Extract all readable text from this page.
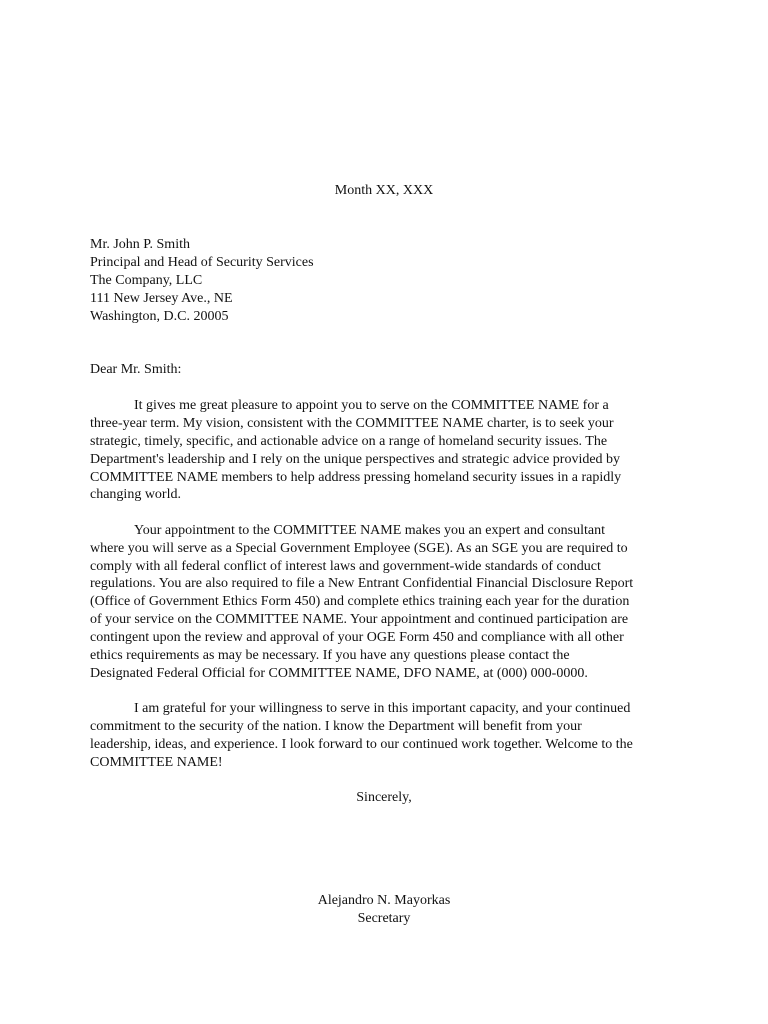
Month XX, XXX
Mr. John P. Smith
Principal and Head of Security Services
The Company, LLC
111 New Jersey Ave., NE
Washington, D.C. 20005
Dear Mr. Smith:
It gives me great pleasure to appoint you to serve on the COMMITTEE NAME for a
three-year term. My vision, consistent with the COMMITTEE NAME charter, is to seek your
strategic, timely, specific, and actionable advice on a range of homeland security issues. The
Department's leadership and I rely on the unique perspectives and strategic advice provided by
COMMITTEE NAME members to help address pressing homeland security issues in a rapidly
changing world.
Your appointment to the COMMITTEE NAME makes you an expert and consultant
where you will serve as a Special Government Employee (SGE). As an SGE you are required to
comply with all federal conflict of interest laws and government-wide standards of conduct
regulations. You are also required to file a New Entrant Confidential Financial Disclosure Report
(Office of Government Ethics Form 450) and complete ethics training each year for the duration
of your service on the COMMITTEE NAME. Your appointment and continued participation are
contingent upon the review and approval of your OGE Form 450 and compliance with all other
ethics requirements as may be necessary. If you have any questions please contact the
Designated Federal Official for COMMITTEE NAME, DFO NAME, at (000) 000-0000.
I am grateful for your willingness to serve in this important capacity, and your continued
commitment to the security of the nation. I know the Department will benefit from your
leadership, ideas, and experience. I look forward to our continued work together. Welcome to the
COMMITTEE NAME!
Sincerely,
Alejandro N. Mayorkas
Secretary
